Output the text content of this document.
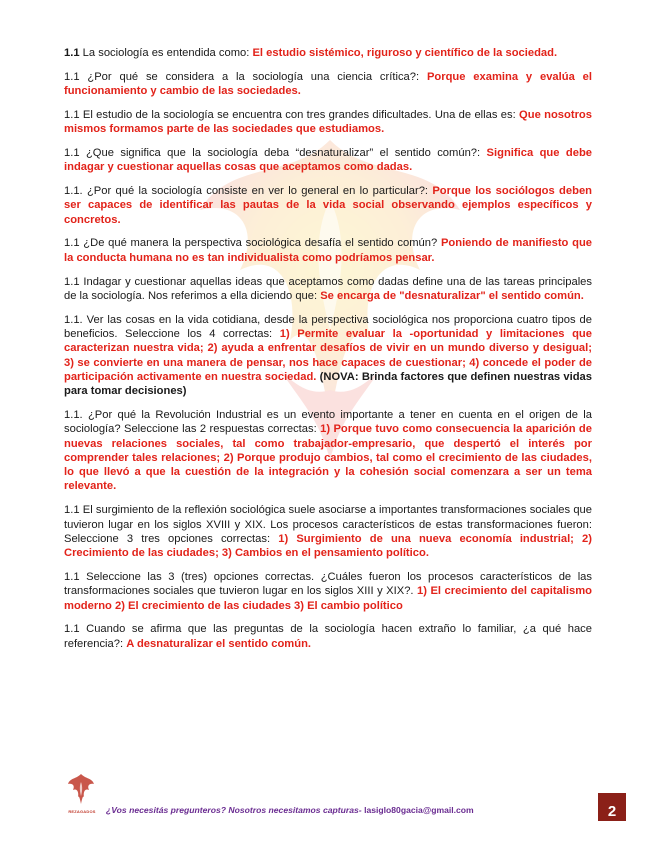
1.1 La sociología es entendida como: El estudio sistémico, riguroso y científico de la sociedad.

1.1 ¿Por qué se considera a la sociología una ciencia crítica?: Porque examina y evalúa el funcionamiento y cambio de las sociedades.

1.1 El estudio de la sociología se encuentra con tres grandes dificultades. Una de ellas es: Que nosotros mismos formamos parte de las sociedades que estudiamos.

1.1 ¿Que significa que la sociología deba “desnaturalizar” el sentido común?: Significa que debe indagar y cuestionar aquellas cosas que aceptamos como dadas.

1.1. ¿Por qué la sociología consiste en ver lo general en lo particular?: Porque los sociólogos deben ser capaces de identificar las pautas de la vida social observando ejemplos específicos y concretos.

1.1 ¿De qué manera la perspectiva sociológica desafía el sentido común? Poniendo de manifiesto que la conducta humana no es tan individualista como podríamos pensar.

1.1 Indagar y cuestionar aquellas ideas que aceptamos como dadas define una de las tareas principales de la sociología. Nos referimos a ella diciendo que: Se encarga de "desnaturalizar" el sentido común.

1.1. Ver las cosas en la vida cotidiana, desde la perspectiva sociológica nos proporciona cuatro tipos de beneficios. Seleccione los 4 correctas: 1) Permite evaluar la -oportunidad y limitaciones que caracterizan nuestra vida; 2) ayuda a enfrentar desafíos de vivir en un mundo diverso y desigual; 3) se convierte en una manera de pensar, nos hace capaces de cuestionar; 4) concede el poder de participación activamente en nuestra sociedad. (NOVA: Brinda factores que definen nuestras vidas para tomar decisiones)

1.1. ¿Por qué la Revolución Industrial es un evento importante a tener en cuenta en el origen de la sociología? Seleccione las 2 respuestas correctas: 1) Porque tuvo como consecuencia la aparición de nuevas relaciones sociales, tal como trabajador-empresario, que despertó el interés por comprender tales relaciones; 2) Porque produjo cambios, tal como el crecimiento de las ciudades, lo que llevó a que la cuestión de la integración y la cohesión social comenzara a ser un tema relevante.

1.1 El surgimiento de la reflexión sociológica suele asociarse a importantes transformaciones sociales que tuvieron lugar en los siglos XVIII y XIX. Los procesos característicos de estas transformaciones fueron: Seleccione 3 tres opciones correctas: 1) Surgimiento de una nueva economía industrial; 2) Crecimiento de las ciudades; 3) Cambios en el pensamiento político.

1.1 Seleccione las 3 (tres) opciones correctas. ¿Cuáles fueron los procesos característicos de las transformaciones sociales que tuvieron lugar en los siglos XIII y XIX?. 1) El crecimiento del capitalismo moderno 2) El crecimiento de las ciudades 3) El cambio político

1.1 Cuando se afirma que las preguntas de la sociología hacen extraño lo familiar, ¿a qué hace referencia?: A desnaturalizar el sentido común.

REZAGADOS	¿Vos necesitás pregunteros? Nosotros necesitamos capturas- lasiglo80gacia@gmail.com	2
